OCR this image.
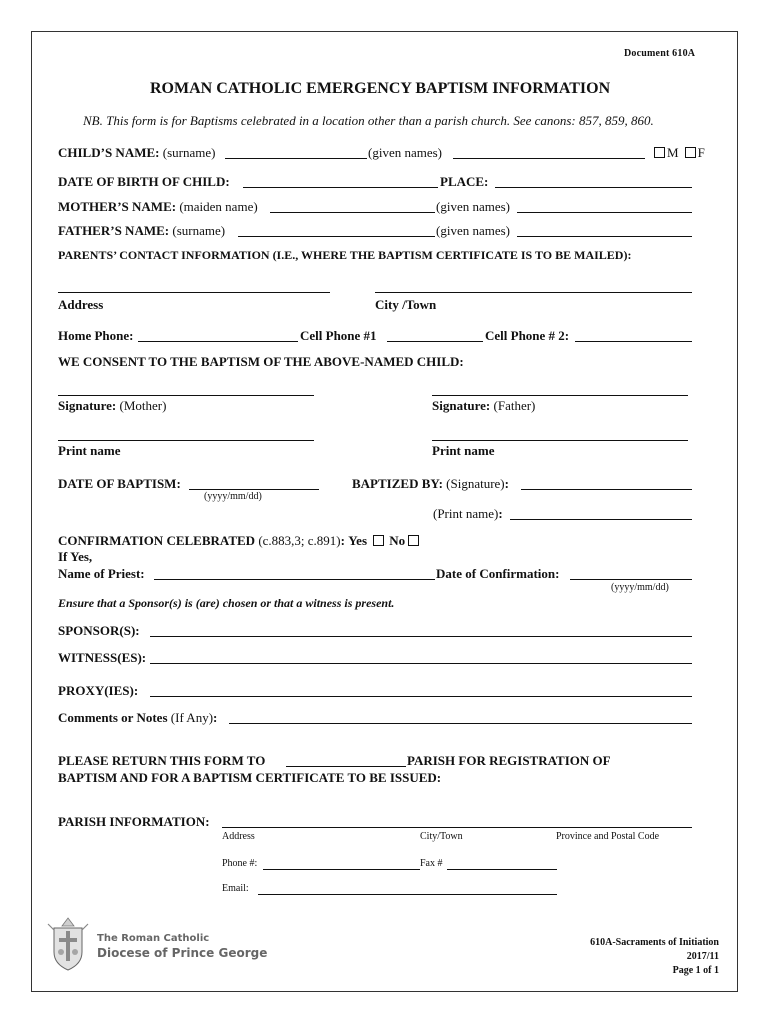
Document 610A
ROMAN CATHOLIC EMERGENCY BAPTISM INFORMATION
NB. This form is for Baptisms celebrated in a location other than a parish church. See canons: 857, 859, 860.
CHILD’S NAME: (surname)	(given names)	M F
DATE OF BIRTH OF CHILD:	PLACE:
MOTHER’S NAME: (maiden name)	(given names)
FATHER’S NAME: (surname)	(given names)
PARENTS’ CONTACT INFORMATION (I.E., WHERE THE BAPTISM CERTIFICATE IS TO BE MAILED):
Address	City /Town
Home Phone:	Cell Phone #1	Cell Phone # 2:
WE CONSENT TO THE BAPTISM OF THE ABOVE-NAMED CHILD:
Signature: (Mother)	Signature: (Father)
Print name	Print name
DATE OF BAPTISM:
(yyyy/mm/dd)
BAPTIZED BY: (Signature):
(Print name):
CONFIRMATION CELEBRATED (c.883,3; c.891): Yes No
If Yes,
Name of Priest:	Date of Confirmation:
(yyyy/mm/dd)
Ensure that a Sponsor(s) is (are) chosen or that a witness is present.
SPONSOR(S):
WITNESS(ES):
PROXY(IES):
Comments or Notes (If Any):
PLEASE RETURN THIS FORM TO	PARISH FOR REGISTRATION OF
BAPTISM AND FOR A BAPTISM CERTIFICATE TO BE ISSUED:
PARISH INFORMATION:
Address	City/Town	Province and Postal Code
Phone #:	Fax #
Email:
The Roman Catholic
Diocese of Prince George
610A-Sacraments of Initiation
2017/11
Page 1 of 1
